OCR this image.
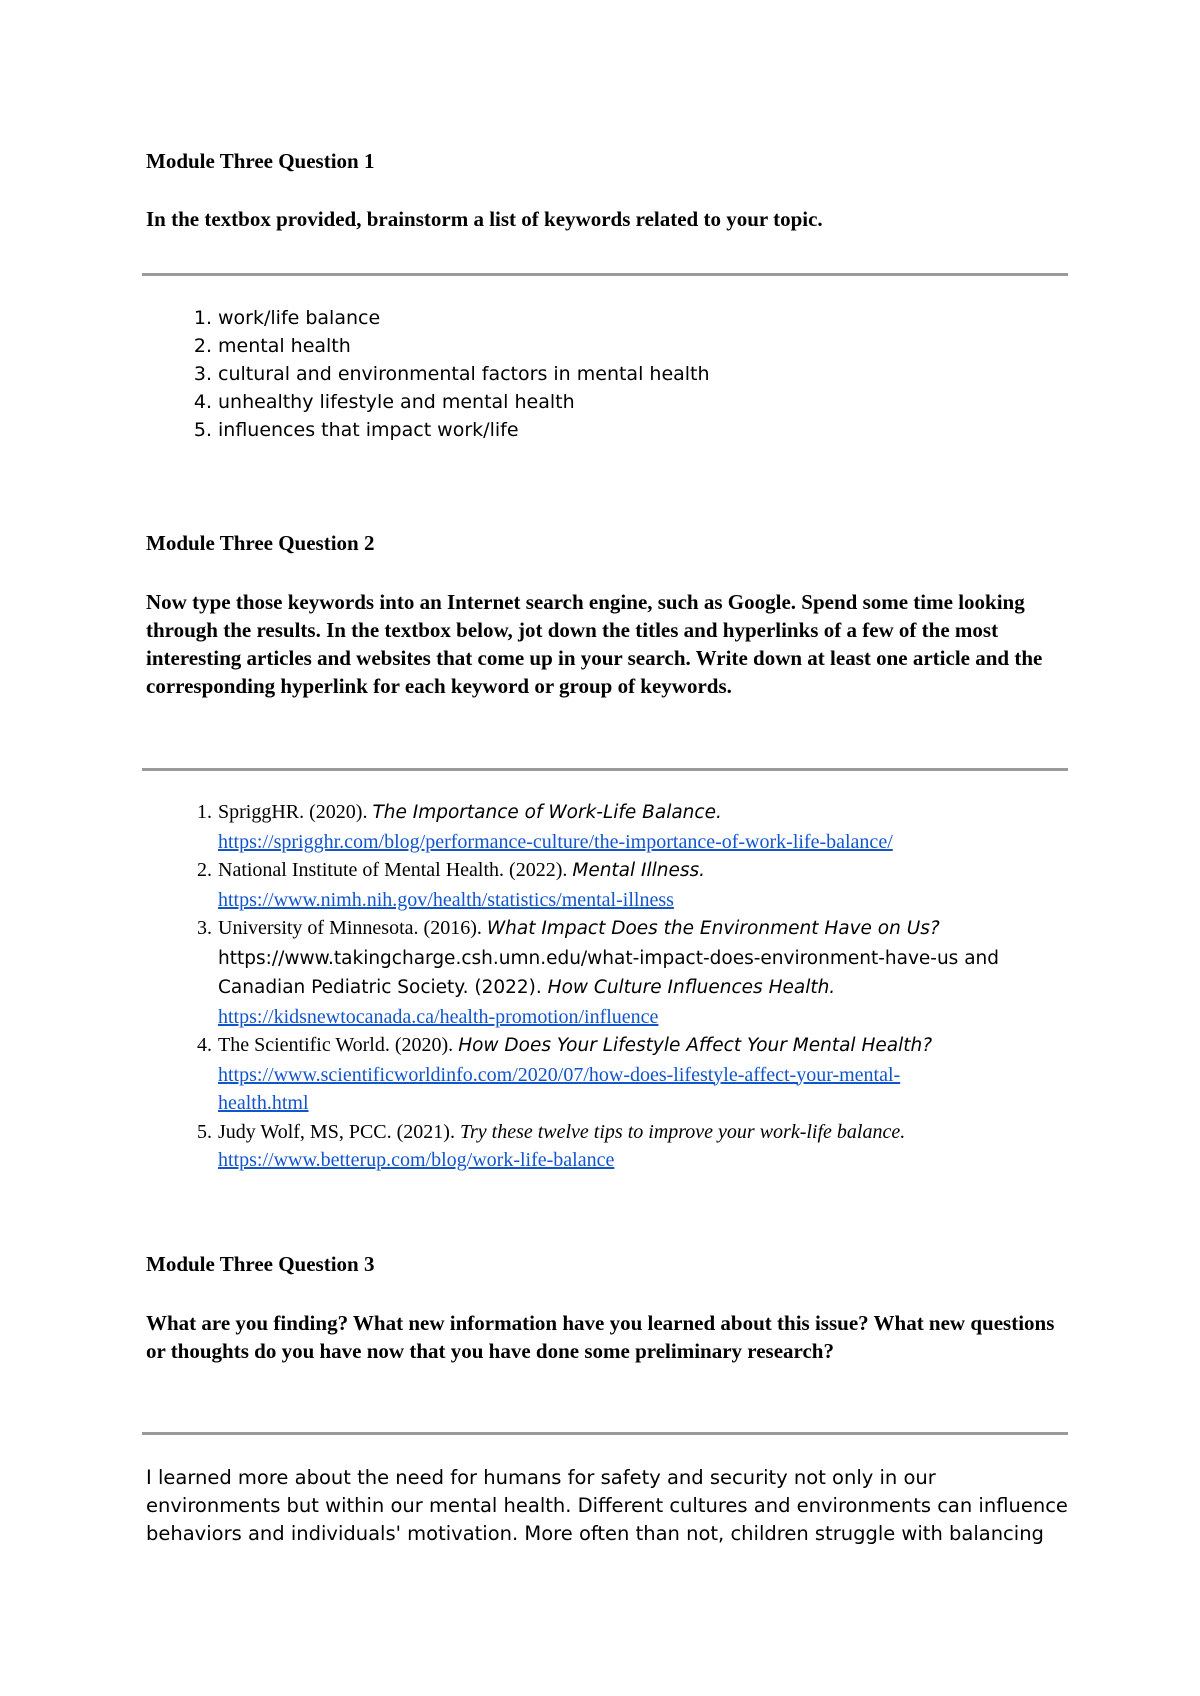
Module Three Question 1
In the textbox provided, brainstorm a list of keywords related to your topic.
1. work/life balance
2. mental health
3. cultural and environmental factors in mental health
4. unhealthy lifestyle and mental health
5. influences that impact work/life
Module Three Question 2
Now type those keywords into an Internet search engine, such as Google. Spend some time looking through the results. In the textbox below, jot down the titles and hyperlinks of a few of the most interesting articles and websites that come up in your search. Write down at least one article and the corresponding hyperlink for each keyword or group of keywords.
1. SpriggHR. (2020). The Importance of Work-Life Balance.
https://sprigghr.com/blog/performance-culture/the-importance-of-work-life-balance/
2. National Institute of Mental Health. (2022). Mental Illness.
https://www.nimh.nih.gov/health/statistics/mental-illness
3. University of Minnesota. (2016). What Impact Does the Environment Have on Us?
https://www.takingcharge.csh.umn.edu/what-impact-does-environment-have-us and
Canadian Pediatric Society. (2022). How Culture Influences Health.
https://kidsnewtocanada.ca/health-promotion/influence
4. The Scientific World. (2020). How Does Your Lifestyle Affect Your Mental Health?
https://www.scientificworldinfo.com/2020/07/how-does-lifestyle-affect-your-mental-
health.html
5. Judy Wolf, MS, PCC. (2021). Try these twelve tips to improve your work-life balance.
https://www.betterup.com/blog/work-life-balance
Module Three Question 3
What are you finding? What new information have you learned about this issue? What new questions or thoughts do you have now that you have done some preliminary research?
I learned more about the need for humans for safety and security not only in our
environments but within our mental health. Different cultures and environments can influence
behaviors and individuals' motivation. More often than not, children struggle with balancing
